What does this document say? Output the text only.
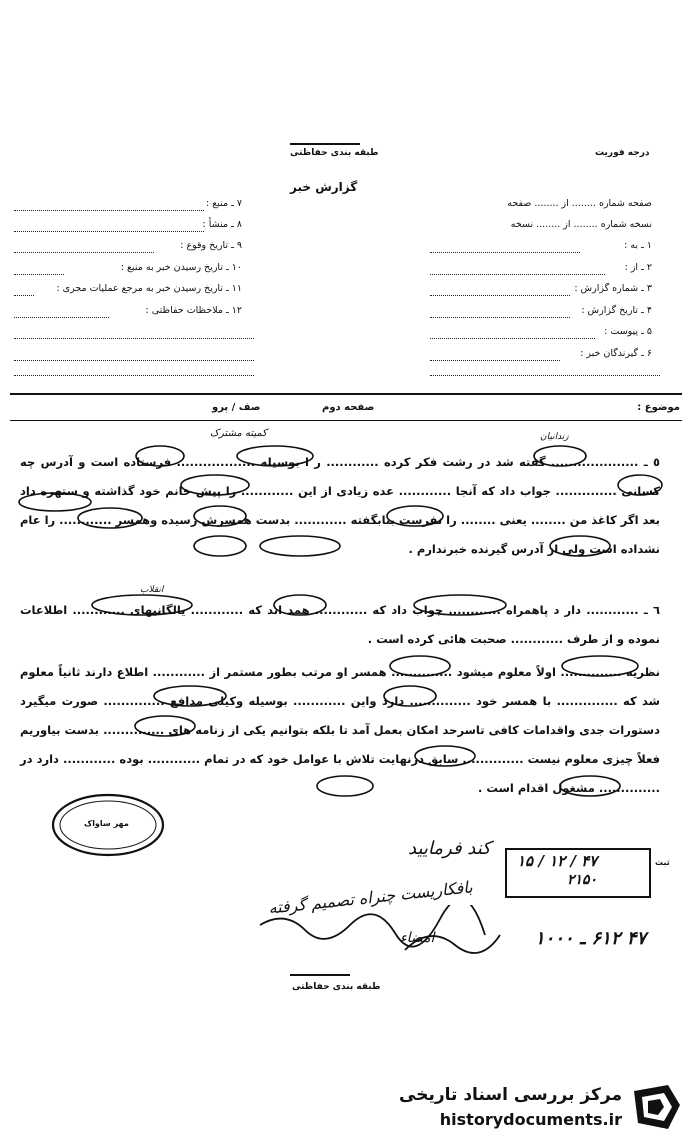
طبقه بندی حفاظتی	درجه فوریت
گزارش خبر
صفحه شماره ........ از ........ صفحه
نسخه شماره ........ از ........ نسخه
۱ ـ به :
۲ ـ از :
۳ ـ شماره گزارش :
۴ ـ تاریخ گزارش :
۵ ـ پیوست :
۶ ـ گیرندگان خبر :
۷ ـ منبع :
۸ ـ منشأ :
۹ ـ تاریخ وقوع :
۱۰ ـ تاریخ رسیدن خبر به منبع :
۱۱ ـ تاریخ رسیدن خبر به مرجع عملیات مجری :
۱۲ ـ ملاحظات حفاظتی :
موضوع :
صفحه دوم
صف / پرو
٥ ـ .................... گفته شد در رشت فکر کرده ............ ر ا بوسیله .................. فرستاده است و آدرس چه کسانی .............. جواب داد که آنجا ............ عده زیادی از این ............ را پیش خانم خود گذاشته و ستهره داد بعد اگر کاغذ من ........ یعنی ........ را نفرست بنابگفته ............ بدست همسرش رسیده وهمسر ............ را عام نشداده است ولی از آدرس گیرنده خبرندارم .
٦ ـ ............ دار د پاهمراه ............ جواب داد که ............ همد اند که ............ یالگانیهای ............ اطلاعات نموده و از طرف ............ صحبت هائی کرده است .
نظریه .............. اولاً معلوم میشود .............. همسر او مرتب بطور مستمر از ............ اطلاع دارند ثانیاً معلوم شد که .............. با همسر خود .............. دارد واین ............ بوسیله وکیلی مدافع .............. صورت میگیرد دستورات جدی واقدامات کافی تاسرحد امکان بعمل آمد تا بلکه بتوانیم یکی از زنامه های .............. بدست بیاوریم فعلاً چیزی معلوم نیست .............. سابق درنهایت تلاش با عوامل خود که در تمام ............ بوده ............ دارد در .............. مشغول اقدام است .
زندانیان
کمیته مشترک
انقلاب
مهر ساواک
۴۷ / ۱۲ / ۱۵
۲۱۵۰
ثبت
۴۷ ۶۱۲ ـ ۱۰۰۰
کند فرمایید
بافکاریست چنراه تصمیم گرفته
امضاء
طبقه بندی حفاظتی
مرکز بررسی اسناد تاریخی
historydocuments.ir
